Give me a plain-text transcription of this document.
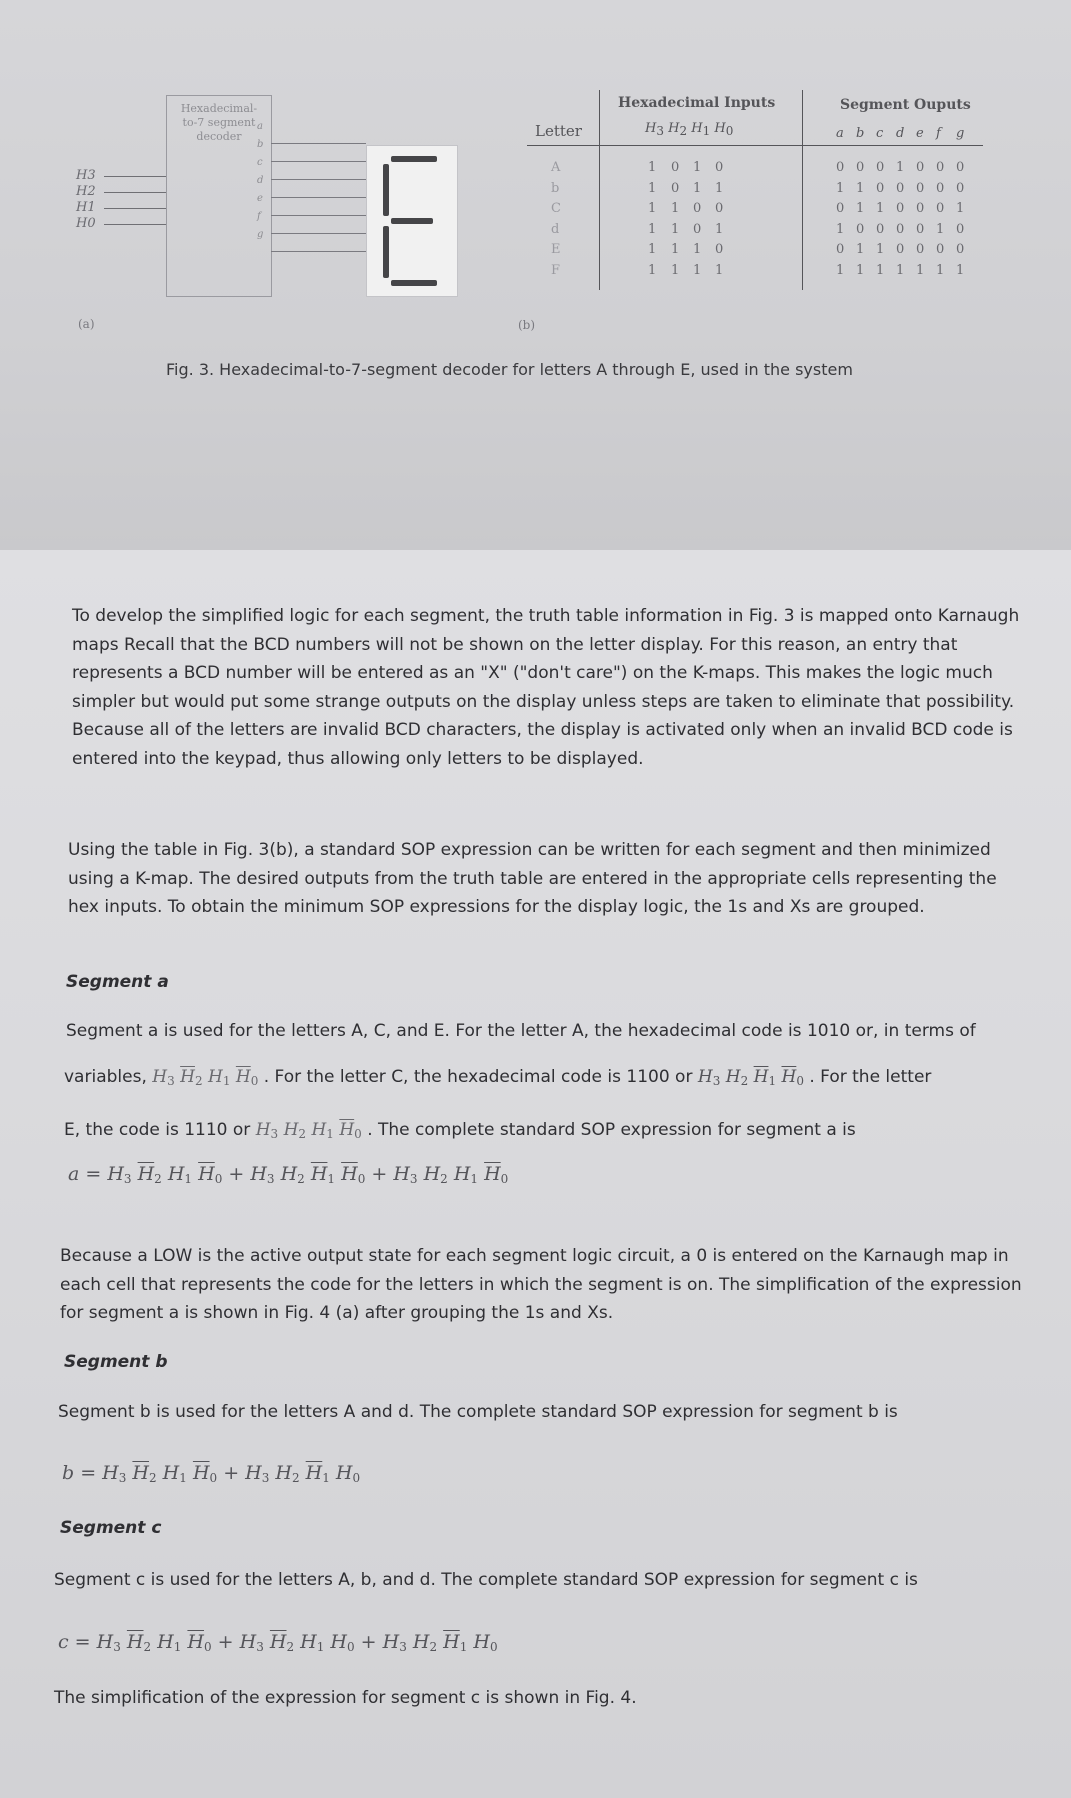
H3
H2
H1
H0
Hexadecimal-
to-7 segment
decoder
a
b
c
d
e
f
g
(a)
Letter
Hexadecimal Inputs
H3 H2 H1 H0
Segment Ouputs
a b c d e f g
A	1 0 1 0	0 0 0 1 0 0 0
b	1 0 1 1	1 1 0 0 0 0 0
C	1 1 0 0	0 1 1 0 0 0 1
d	1 1 0 1	1 0 0 0 0 1 0
E	1 1 1 0	0 1 1 0 0 0 0
F	1 1 1 1	1 1 1 1 1 1 1
(b)
Fig. 3. Hexadecimal-to-7-segment decoder for letters A through E, used in the system
To develop the simplified logic for each segment, the truth table information in Fig. 3 is mapped onto Karnaugh maps Recall that the BCD numbers will not be shown on the letter display. For this reason, an entry that represents a BCD number will be entered as an "X" ("don't care") on the K-maps. This makes the logic much simpler but would put some strange outputs on the display unless steps are taken to eliminate that possibility. Because all of the letters are invalid BCD characters, the display is activated only when an invalid BCD code is entered into the keypad, thus allowing only letters to be displayed.
Using the table in Fig. 3(b), a standard SOP expression can be written for each segment and then minimized using a K-map. The desired outputs from the truth table are entered in the appropriate cells representing the hex inputs. To obtain the minimum SOP expressions for the display logic, the 1s and Xs are grouped.
Segment a
Segment a is used for the letters A, C, and E. For the letter A, the hexadecimal code is 1010 or, in terms of
variables, $H_3$ $\overline{H}_2$ $H_1$ $\overline{H}_0$ . For the letter C, the hexadecimal code is 1100 or $H_3$ $H_2$ $\overline{H}_1$ $\overline{H}_0$ . For the letter
E, the code is 1110 or $H_3$ $H_2$ $H_1$ $\overline{H}_0$ . The complete standard SOP expression for segment a is
$a = H_3$ $\overline{H}_2$ $H_1$ $\overline{H}_0 + H_3$ $H_2$ $\overline{H}_1$ $\overline{H}_0 + H_3$ $H_2$ $H_1$ $\overline{H}_0$
Because a LOW is the active output state for each segment logic circuit, a 0 is entered on the Karnaugh map in each cell that represents the code for the letters in which the segment is on. The simplification of the expression for segment a is shown in Fig. 4 (a) after grouping the 1s and Xs.
Segment b
Segment b is used for the letters A and d. The complete standard SOP expression for segment b is
$b = H_3$ $\overline{H}_2$ $H_1$ $\overline{H}_0 + H_3$ $H_2$ $\overline{H}_1$ $H_0$
Segment c
Segment c is used for the letters A, b, and d. The complete standard SOP expression for segment c is
$c = H_3$ $\overline{H}_2$ $H_1$ $\overline{H}_0 + H_3$ $\overline{H}_2$ $H_1$ $H_0 + H_3$ $H_2$ $\overline{H}_1$ $H_0$
The simplification of the expression for segment c is shown in Fig. 4.
